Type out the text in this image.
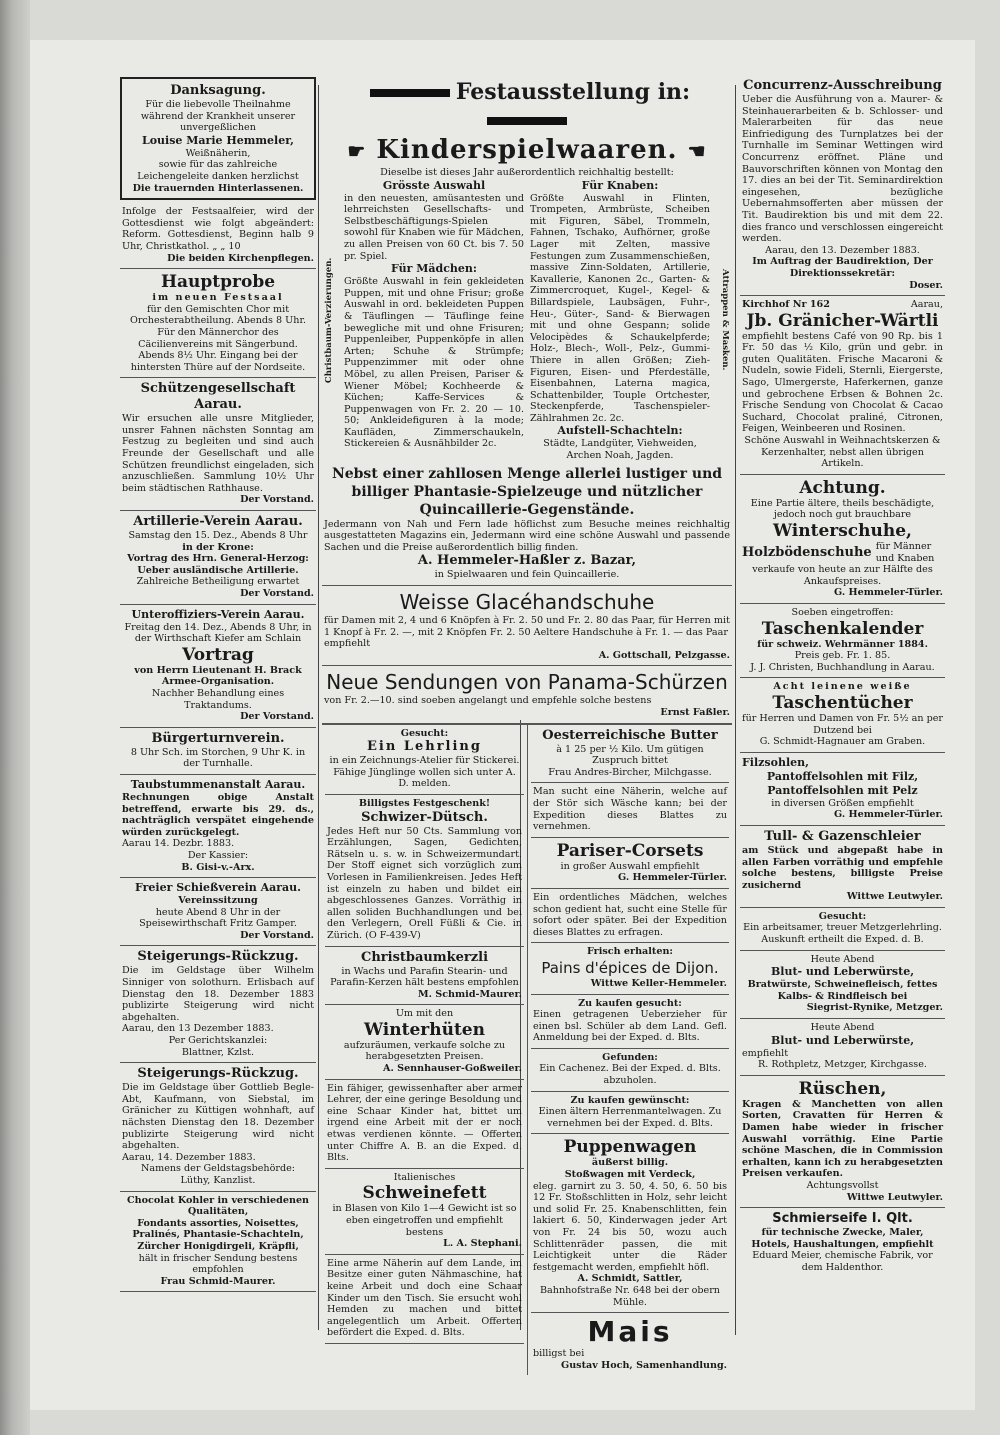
Danksagung.

Für die liebevolle Theilnahme während der Krankheit unserer unvergeßlichen

Louise Marie Hemmeler,

Weißnäherin,

sowie für das zahlreiche Leichengeleite danken herzlichst

Die trauernden Hinterlassenen.

Infolge der Festsaalfeier, wird der Gottesdienst wie folgt abgeändert: Reform. Gottesdienst, Beginn halb 9 Uhr, Christkathol. „ „ 10

Die beiden Kirchenpflegen.

Hauptprobe

im neuen Festsaal

für den Gemischten Chor mit Orchesterabtheilung. Abends 8 Uhr. Für den Männerchor des Cäcilienvereins mit Sängerbund. Abends 8½ Uhr. Eingang bei der hintersten Thüre auf der Nordseite.

Schützengesellschaft Aarau.

Wir ersuchen alle unsre Mitglieder, unsrer Fahnen nächsten Sonntag am Festzug zu begleiten und sind auch Freunde der Gesellschaft und alle Schützen freundlichst eingeladen, sich anzuschließen. Sammlung 10½ Uhr beim städtischen Rathhause.

Der Vorstand.

Artillerie-Verein Aarau.

Samstag den 15. Dez., Abends 8 Uhr

in der Krone:

Vortrag des Hrn. General-Herzog: Ueber ausländische Artillerie.

Zahlreiche Betheiligung erwartet

Der Vorstand.

Unteroffiziers-Verein Aarau.

Freitag den 14. Dez., Abends 8 Uhr, in der Wirthschaft Kiefer am Schlain

Vortrag

von Herrn Lieutenant H. Brack

Armee-Organisation.

Nachher Behandlung eines Traktandums.

Der Vorstand.

Bürgerturnverein.

8 Uhr Sch. im Storchen, 9 Uhr K. in der Turnhalle.

Taubstummenanstalt Aarau.

Rechnungen obige Anstalt betreffend, erwarte bis 29. ds., nachträglich verspätet eingehende würden zurückgelegt.

Aarau 14. Dezbr. 1883.

Der Kassier:

B. Gisi-v.-Arx.

Freier Schießverein Aarau.

Vereinssitzung

heute Abend 8 Uhr in der Speisewirthschaft Fritz Gamper.

Der Vorstand.

Steigerungs-Rückzug.

Die im Geldstage über Wilhelm Sinniger von solothurn. Erlisbach auf Dienstag den 18. Dezember 1883 publizirte Steigerung wird nicht abgehalten.

Aarau, den 13 Dezember 1883.

Per Gerichtskanzlei:

Blattner, Kzlst.

Steigerungs-Rückzug.

Die im Geldstage über Gottlieb Begle-Abt, Kaufmann, von Siebstal, im Gränicher zu Küttigen wohnhaft, auf nächsten Dienstag den 18. Dezember publizirte Steigerung wird nicht abgehalten.

Aarau, 14. Dezember 1883.

Namens der Geldstagsbehörde:

Lüthy, Kanzlist.

Chocolat Kohler in verschiedenen Qualitäten,

Fondants assorties, Noisettes, Pralinés, Phantasie-Schachteln, Zürcher Honigdirgeli, Kräpfli,

hält in frischer Sendung bestens empfohlen

Frau Schmid-Maurer.

Festausstellung in:

☛ Kinderspielwaaren. ☚

Dieselbe ist dieses Jahr außerordentlich reichhaltig bestellt:

Christbaum-Verzierungen.

Grösste Auswahl

in den neuesten, amüsantesten und lehrreichsten Gesellschafts- und Selbstbeschäftigungs-Spielen sowohl für Knaben wie für Mädchen, zu allen Preisen von 60 Ct. bis 7. 50 pr. Spiel.

Für Mädchen:

Größte Auswahl in fein gekleideten Puppen, mit und ohne Frisur; große Auswahl in ord. bekleideten Puppen & Täuflingen — Täuflinge feine bewegliche mit und ohne Frisuren; Puppenleiber, Puppenköpfe in allen Arten; Schuhe & Strümpfe; Puppenzimmer mit oder ohne Möbel, zu allen Preisen, Pariser & Wiener Möbel; Kochheerde & Küchen; Kaffe-Services & Puppenwagen von Fr. 2. 20 — 10. 50; Ankleidefiguren à la mode; Kaufläden, Zimmerschaukeln, Stickereien & Ausnähbilder 2c.

Für Knaben:

Größte Auswahl in Flinten, Trompeten, Armbrüste, Scheiben mit Figuren, Säbel, Trommeln, Fahnen, Tschako, Aufhörner, große Lager mit Zelten, massive Festungen zum Zusammenschießen, massive Zinn-Soldaten, Artillerie, Kavallerie, Kanonen 2c., Garten- & Zimmercroquet, Kugel-, Kegel- & Billardspiele, Laubsägen, Fuhr-, Heu-, Güter-, Sand- & Bierwagen mit und ohne Gespann; solide Velocipèdes & Schaukelpferde; Holz-, Blech-, Woll-, Pelz-, Gummi-Thiere in allen Größen; Zieh-Figuren, Eisen- und Pferdeställe, Eisenbahnen, Laterna magica, Schattenbilder, Touple Ortchester, Steckenpferde, Taschenspieler-Zählrahmen 2c. 2c.

Aufstell-Schachteln:

Städte, Landgüter, Viehweiden, Archen Noah, Jagden.

Attrappen & Masken.

Nebst einer zahllosen Menge allerlei lustiger und billiger Phantasie-Spielzeuge und nützlicher Quincaillerie-Gegenstände.

Jedermann von Nah und Fern lade höflichst zum Besuche meines reichhaltig ausgestatteten Magazins ein, Jedermann wird eine schöne Auswahl und passende Sachen und die Preise außerordentlich billig finden.

A. Hemmeler-Haßler z. Bazar,

in Spielwaaren und fein Quincaillerie.

Weisse Glacéhandschuhe

für Damen mit 2, 4 und 6 Knöpfen à Fr. 2. 50 und Fr. 2. 80 das Paar, für Herren mit 1 Knopf à Fr. 2. —, mit 2 Knöpfen Fr. 2. 50 Aeltere Handschuhe à Fr. 1. — das Paar empfiehlt

A. Gottschall, Pelzgasse.

Neue Sendungen von Panama-Schürzen

von Fr. 2.—10. sind soeben angelangt und empfehle solche bestens

Ernst Faßler.

Gesucht:

Ein Lehrling

in ein Zeichnungs-Atelier für Stickerei. Fähige Jünglinge wollen sich unter A. D. melden.

Billigstes Festgeschenk!

Schwizer-Dütsch.

Jedes Heft nur 50 Cts. Sammlung von Erzählungen, Sagen, Gedichten, Rätseln u. s. w. in Schweizermundart. Der Stoff eignet sich vorzüglich zum Vorlesen in Familienkreisen. Jedes Heft ist einzeln zu haben und bildet ein abgeschlossenes Ganzes. Vorräthig in allen soliden Buchhandlungen und bei den Verlegern, Orell Füßli & Cie. in Zürich. (O F-439-V)

Christbaumkerzli

in Wachs und Parafin Stearin- und Parafin-Kerzen hält bestens empfohlen

M. Schmid-Maurer.

Um mit den

Winterhüten

aufzuräumen, verkaufe solche zu herabgesetzten Preisen.

A. Sennhauser-Goßweiler.

Ein fähiger, gewissenhafter aber armer Lehrer, der eine geringe Besoldung und eine Schaar Kinder hat, bittet um irgend eine Arbeit mit der er noch etwas verdienen könnte. — Offerten unter Chiffre A. B. an die Exped. d. Blts.

Italienisches

Schweinefett

in Blasen von Kilo 1—4 Gewicht ist so eben eingetroffen und empfiehlt bestens

L. A. Stephani.

Eine arme Näherin auf dem Lande, im Besitze einer guten Nähmaschine, hat keine Arbeit und doch eine Schaar Kinder um den Tisch. Sie ersucht wohl Hemden zu machen und bittet angelegentlich um Arbeit. Offerten befördert die Exped. d. Blts.

Oesterreichische Butter

à 1 25 per ½ Kilo. Um gütigen Zuspruch bittet

Frau Andres-Bircher, Milchgasse.

Man sucht eine Näherin, welche auf der Stör sich Wäsche kann; bei der Expedition dieses Blattes zu vernehmen.

Pariser-Corsets

in großer Auswahl empfiehlt

G. Hemmeler-Türler.

Ein ordentliches Mädchen, welches schon gedient hat, sucht eine Stelle für sofort oder später. Bei der Expedition dieses Blattes zu erfragen.

Frisch erhalten:

Pains d'épices de Dijon.

Wittwe Keller-Hemmeler.

Zu kaufen gesucht:

Einen getragenen Ueberzieher für einen bsl. Schüler ab dem Land. Gefl. Anmeldung bei der Exped. d. Blts.

Gefunden:

Ein Cachenez. Bei der Exped. d. Blts. abzuholen.

Zu kaufen gewünscht:

Einen ältern Herrenmantelwagen. Zu vernehmen bei der Exped. d. Blts.

Puppenwagen

äußerst billig.

Stoßwagen mit Verdeck,

eleg. garnirt zu 3. 50, 4. 50, 6. 50 bis 12 Fr. Stoßschlitten in Holz, sehr leicht und solid Fr. 25. Knabenschlitten, fein lakiert 6. 50, Kinderwagen jeder Art von Fr. 24 bis 50, wozu auch Schlittenräder passen, die mit Leichtigkeit unter die Räder festgemacht werden, empfiehlt höfl.

A. Schmidt, Sattler,

Bahnhofstraße Nr. 648 bei der obern Mühle.

Mais

billigst bei

Gustav Hoch, Samenhandlung.

Concurrenz-Ausschreibung

Ueber die Ausführung von a. Maurer- & Steinhauerarbeiten & b. Schlosser- und Malerarbeiten für das neue Einfriedigung des Turnplatzes bei der Turnhalle im Seminar Wettingen wird Concurrenz eröffnet. Pläne und Bauvorschriften können von Montag den 17. dies an bei der Tit. Seminardirektion eingesehen, bezügliche Uebernahmsofferten aber müssen der Tit. Baudirektion bis und mit dem 22. dies franco und verschlossen eingereicht werden.

Aarau, den 13. Dezember 1883.

Im Auftrag der Baudirektion, Der Direktionssekretär:

Doser.

Kirchhof Nr 162	Aarau,

Jb. Gränicher-Wärtli

empfiehlt bestens Café von 90 Rp. bis 1 Fr. 50 das ½ Kilo, grün und gebr. in guten Qualitäten. Frische Macaroni & Nudeln, sowie Fideli, Sternli, Eiergerste, Sago, Ulmergerste, Haferkernen, ganze und gebrochene Erbsen & Bohnen 2c. Frische Sendung von Chocolat & Cacao Suchard, Chocolat praliné, Citronen, Feigen, Weinbeeren und Rosinen.

Schöne Auswahl in Weihnachtskerzen & Kerzenhalter, nebst allen übrigen Artikeln.

Achtung.

Eine Partie ältere, theils beschädigte, jedoch noch gut brauchbare

Winterschuhe,

Holzbödenschuhe für Männer und Knaben

verkaufe von heute an zur Hälfte des Ankaufspreises.

G. Hemmeler-Türler.

Soeben eingetroffen:

Taschenkalender

für schweiz. Wehrmänner 1884.

Preis geb. Fr. 1. 85.

J. J. Christen, Buchhandlung in Aarau.

Acht leinene weiße

Taschentücher

für Herren und Damen von Fr. 5½ an per Dutzend bei

G. Schmidt-Hagnauer am Graben.

Filzsohlen,

Pantoffelsohlen mit Filz,

Pantoffelsohlen mit Pelz

in diversen Größen empfiehlt

G. Hemmeler-Türler.

Tull- & Gazenschleier

am Stück und abgepaßt habe in allen Farben vorräthig und empfehle solche bestens, billigste Preise zusichernd

Wittwe Leutwyler.

Gesucht:

Ein arbeitsamer, treuer Metzgerlehrling. Auskunft ertheilt die Exped. d. B.

Heute Abend

Blut- und Leberwürste,

Bratwürste, Schweinefleisch, fettes Kalbs- & Rindfleisch bei

Siegrist-Rynike, Metzger.

Heute Abend

Blut- und Leberwürste,

empfiehlt

R. Rothpletz, Metzger, Kirchgasse.

Rüschen,

Kragen & Manchetten von allen Sorten, Cravatten für Herren & Damen habe wieder in frischer Auswahl vorräthig. Eine Partie schöne Maschen, die in Commission erhalten, kann ich zu herabgesetzten Preisen verkaufen.

Achtungsvollst

Wittwe Leutwyler.

Schmierseife I. Qlt.

für technische Zwecke, Maler, Hotels, Haushaltungen, empfiehlt

Eduard Meier, chemische Fabrik, vor dem Haldenthor.
